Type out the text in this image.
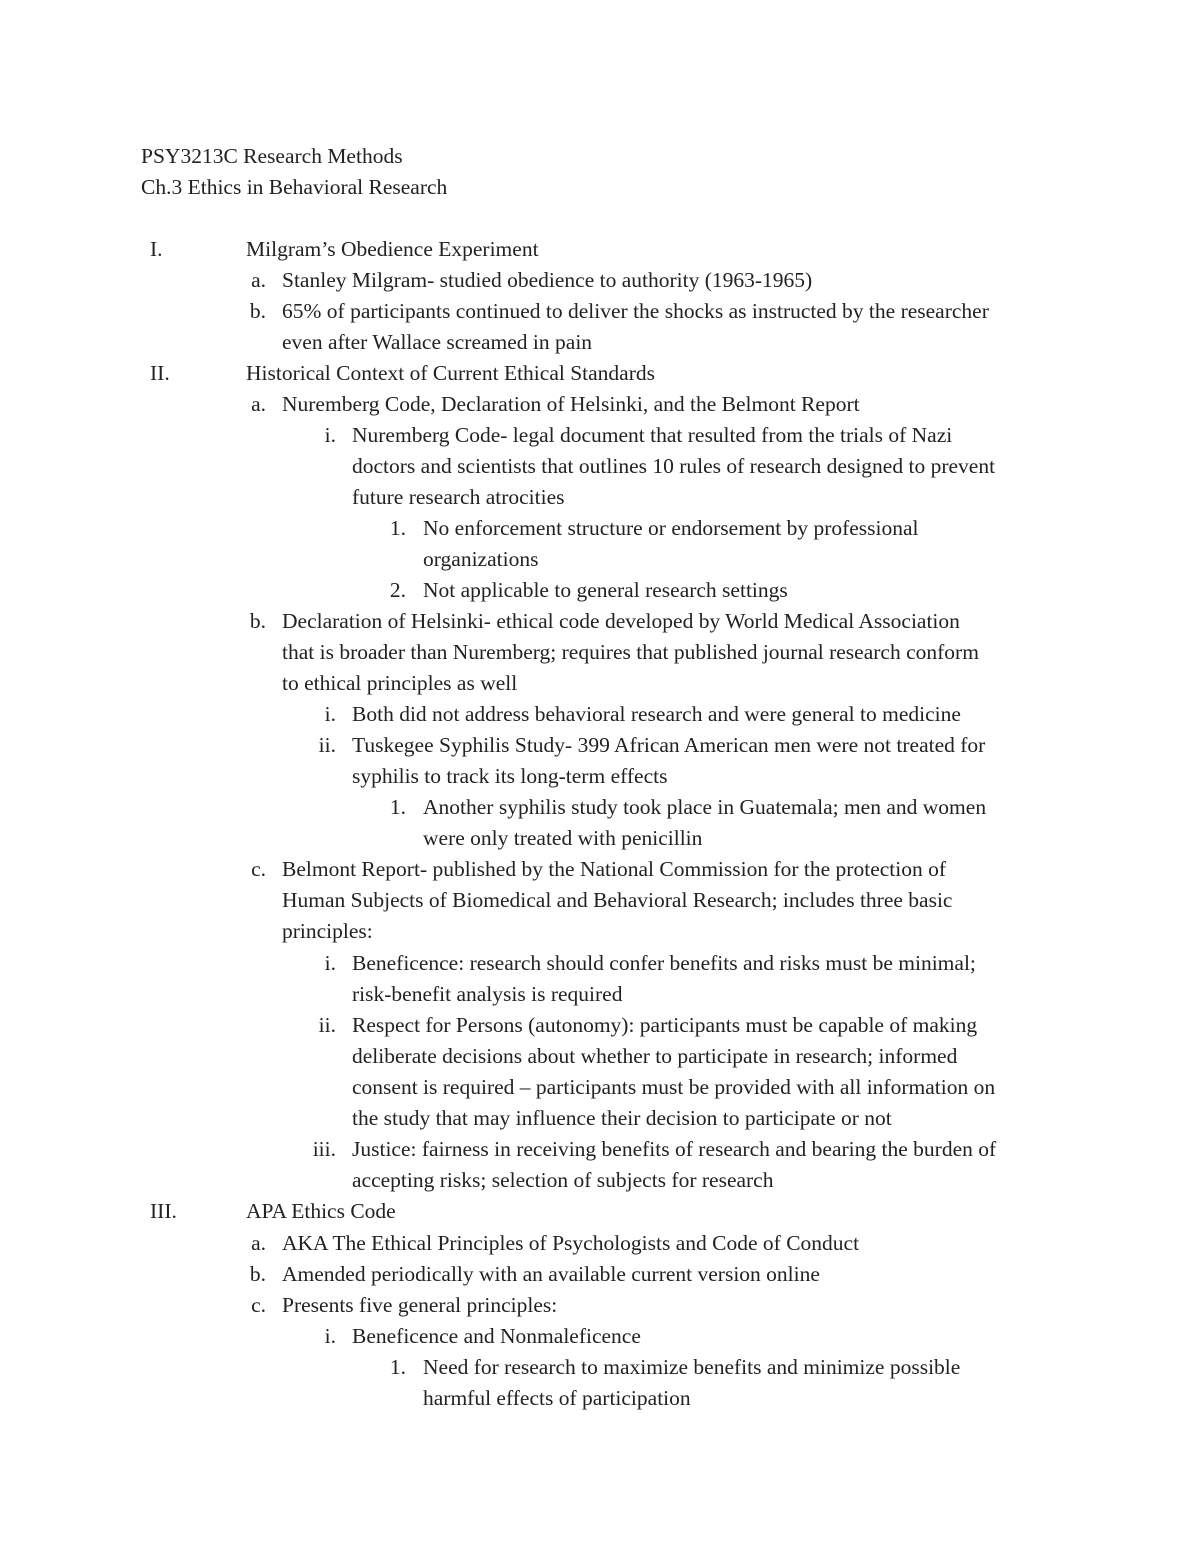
PSY3213C Research Methods
Ch.3 Ethics in Behavioral Research
I.	Milgram’s Obedience Experiment
a. Stanley Milgram- studied obedience to authority (1963-1965)
b. 65% of participants continued to deliver the shocks as instructed by the researcher
even after Wallace screamed in pain
II.	Historical Context of Current Ethical Standards
a. Nuremberg Code, Declaration of Helsinki, and the Belmont Report
i. Nuremberg Code- legal document that resulted from the trials of Nazi
doctors and scientists that outlines 10 rules of research designed to prevent
future research atrocities
1. No enforcement structure or endorsement by professional
organizations
2. Not applicable to general research settings
b. Declaration of Helsinki- ethical code developed by World Medical Association
that is broader than Nuremberg; requires that published journal research conform
to ethical principles as well
i. Both did not address behavioral research and were general to medicine
ii. Tuskegee Syphilis Study- 399 African American men were not treated for
syphilis to track its long-term effects
1. Another syphilis study took place in Guatemala; men and women
were only treated with penicillin
c. Belmont Report- published by the National Commission for the protection of
Human Subjects of Biomedical and Behavioral Research; includes three basic
principles:
i. Beneficence: research should confer benefits and risks must be minimal;
risk-benefit analysis is required
ii. Respect for Persons (autonomy): participants must be capable of making
deliberate decisions about whether to participate in research; informed
consent is required – participants must be provided with all information on
the study that may influence their decision to participate or not
iii. Justice: fairness in receiving benefits of research and bearing the burden of
accepting risks; selection of subjects for research
III.	APA Ethics Code
a. AKA The Ethical Principles of Psychologists and Code of Conduct
b. Amended periodically with an available current version online
c. Presents five general principles:
i. Beneficence and Nonmaleficence
1. Need for research to maximize benefits and minimize possible
harmful effects of participation
